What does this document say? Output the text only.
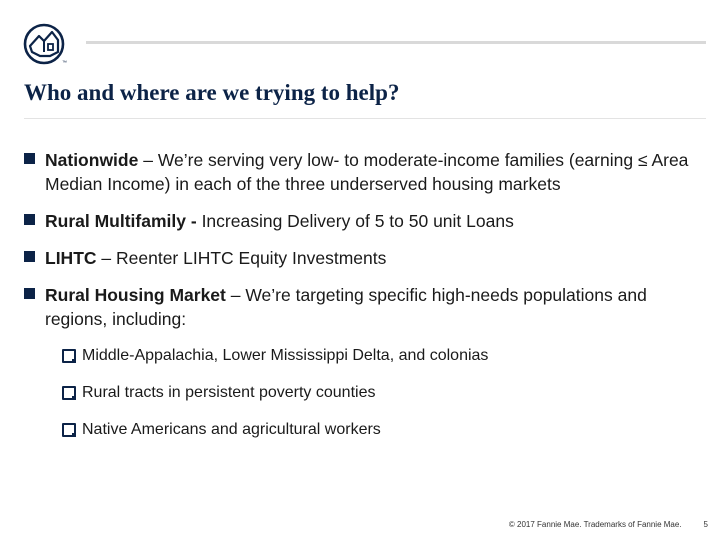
™
Who and where are we trying to help?
Nationwide – We’re serving very low- to moderate-income families (earning ≤ Area Median Income) in each of the three underserved housing markets
Rural Multifamily - Increasing Delivery of 5 to 50 unit Loans
LIHTC – Reenter LIHTC Equity Investments
Rural Housing Market – We’re targeting specific high-needs populations and regions, including:
Middle-Appalachia, Lower Mississippi Delta, and colonias
Rural tracts in persistent poverty counties
Native Americans and agricultural workers
© 2017 Fannie Mae. Trademarks of Fannie Mae.	5
